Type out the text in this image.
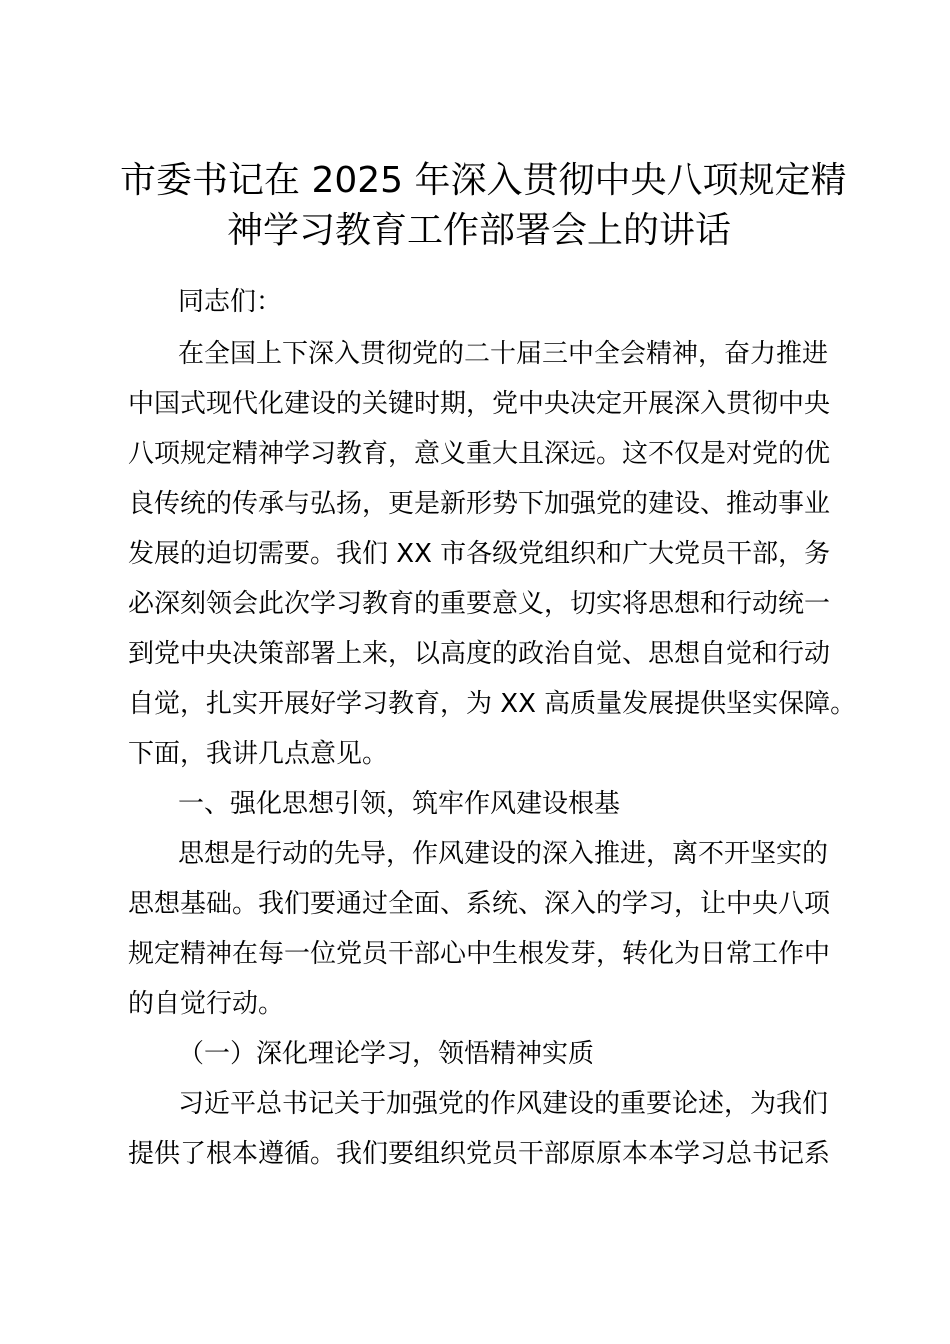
市委书记在 2025 年深入贯彻中央八项规定精
神学习教育工作部署会上的讲话
同志们：
在全国上下深入贯彻党的二十届三中全会精神，奋力推进
中国式现代化建设的关键时期，党中央决定开展深入贯彻中央
八项规定精神学习教育，意义重大且深远。这不仅是对党的优
良传统的传承与弘扬，更是新形势下加强党的建设、推动事业
发展的迫切需要。我们 XX 市各级党组织和广大党员干部，务
必深刻领会此次学习教育的重要意义，切实将思想和行动统一
到党中央决策部署上来，以高度的政治自觉、思想自觉和行动
自觉，扎实开展好学习教育，为 XX 高质量发展提供坚实保障。
下面，我讲几点意见。
一、强化思想引领，筑牢作风建设根基
思想是行动的先导，作风建设的深入推进，离不开坚实的
思想基础。我们要通过全面、系统、深入的学习，让中央八项
规定精神在每一位党员干部心中生根发芽，转化为日常工作中
的自觉行动。
（一）深化理论学习，领悟精神实质
习近平总书记关于加强党的作风建设的重要论述，为我们
提供了根本遵循。我们要组织党员干部原原本本学习总书记系
